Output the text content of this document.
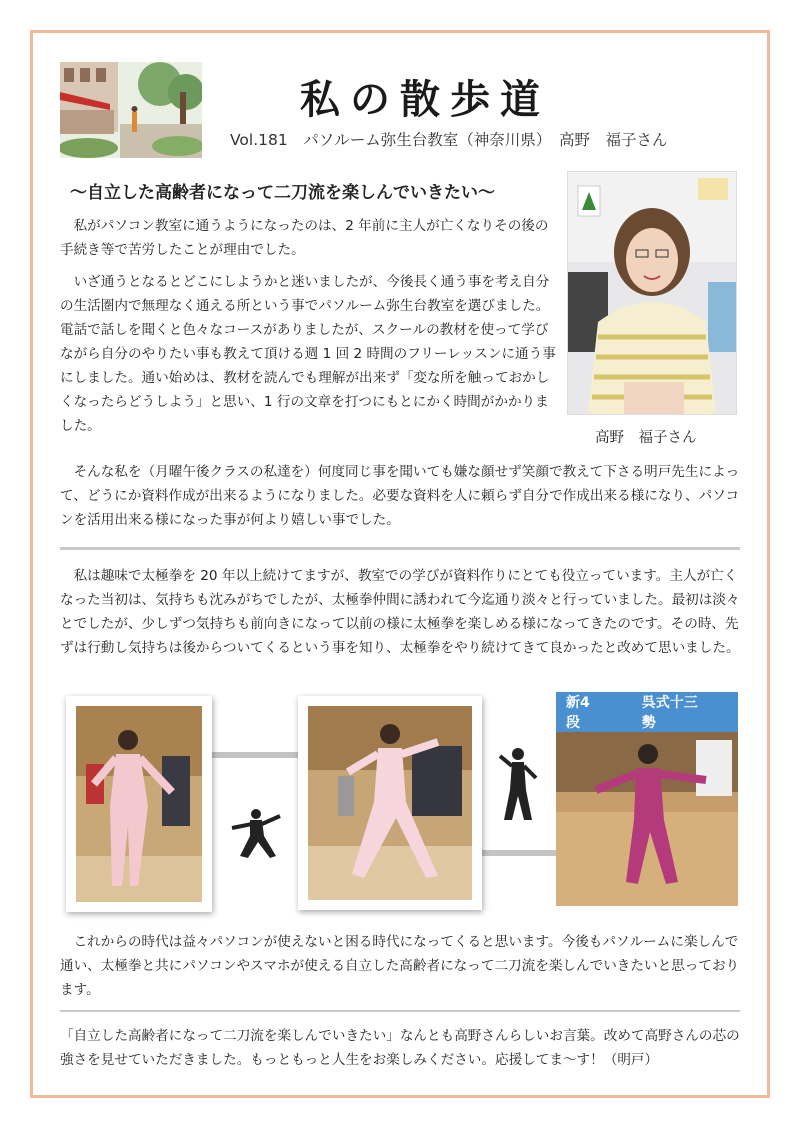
私の散歩道
Vol.181　パソルーム弥生台教室（神奈川県）　高野　福子さん
～自立した高齢者になって二刀流を楽しんでいきたい～

私がパソコン教室に通うようになったのは、2 年前に主人が亡くなりその後の手続き等で苦労したことが理由でした。

いざ通うとなるとどこにしようかと迷いましたが、今後長く通う事を考え自分の生活圏内で無理なく通える所という事でパソルーム弥生台教室を選びました。電話で話しを聞くと色々なコースがありましたが、スクールの教材を使って学びながら自分のやりたい事も教えて頂ける週 1 回 2 時間のフリーレッスンに通う事にしました。通い始めは、教材を読んでも理解が出来ず「変な所を触っておかしくなったらどうしよう」と思い、1 行の文章を打つにもとにかく時間がかかりました。

高野　福子さん

そんな私を（月曜午後クラスの私達を）何度同じ事を聞いても嫌な顔せず笑顔で教えて下さる明戸先生によって、どうにか資料作成が出来るようになりました。必要な資料を人に頼らず自分で作成出来る様になり、パソコンを活用出来る様になった事が何より嬉しい事でした。

私は趣味で太極拳を 20 年以上続けてますが、教室での学びが資料作りにとても役立っています。主人が亡くなった当初は、気持ちも沈みがちでしたが、太極拳仲間に誘われて今迄通り淡々と行っていました。最初は淡々とでしたが、少しずつ気持ちも前向きになって以前の様に太極拳を楽しめる様になってきたのです。その時、先ずは行動し気持ちは後からついてくるという事を知り、太極拳をやり続けてきて良かったと改めて思いました。

新4段
呉式十三勢

これからの時代は益々パソコンが使えないと困る時代になってくると思います。今後もパソルームに楽しんで通い、太極拳と共にパソコンやスマホが使える自立した高齢者になって二刀流を楽しんでいきたいと思っております。

「自立した高齢者になって二刀流を楽しんでいきたい」なんとも高野さんらしいお言葉。改めて高野さんの芯の強さを見せていただきました。もっともっと人生をお楽しみください。応援してま～す！（明戸）
